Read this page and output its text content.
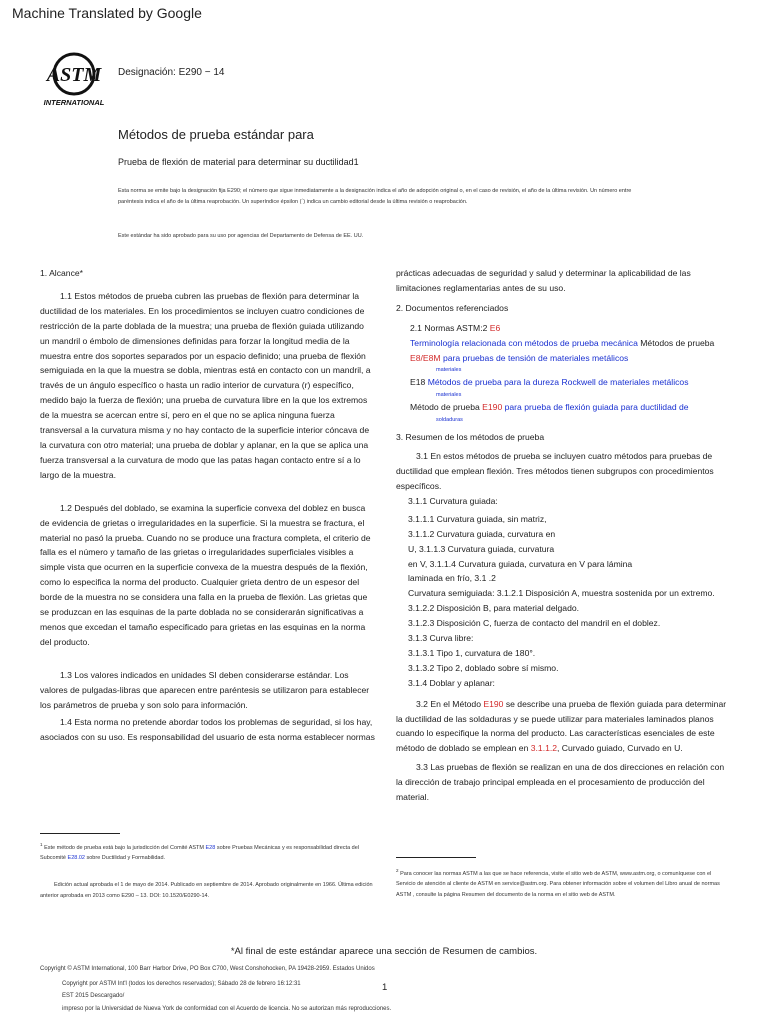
Machine Translated by Google
ASTM
INTERNATIONAL
Designación: E290 − 14
Métodos de prueba estándar para
Prueba de flexión de material para determinar su ductilidad1
Esta norma se emite bajo la designación fija E290; el número que sigue inmediatamente a la designación indica el año de adopción original o, en el caso de revisión, el año de la última revisión. Un número entre paréntesis indica el año de la última reaprobación. Un superíndice épsilon (´) indica un cambio editorial desde la última revisión o reaprobación.
Este estándar ha sido aprobado para su uso por agencias del Departamento de Defensa de EE. UU.

1. Alcance*

1.1 Estos métodos de prueba cubren las pruebas de flexión para determinar la ductilidad de los materiales. En los procedimientos se incluyen cuatro condiciones de restricción de la parte doblada de la muestra; una prueba de flexión guiada utilizando un mandril o émbolo de dimensiones definidas para forzar la longitud media de la muestra entre dos soportes separados por un espacio definido; una prueba de flexión semiguiada en la que la muestra se dobla, mientras está en contacto con un mandril, a través de un ángulo específico o hasta un radio interior de curvatura (r) específico, medido bajo la fuerza de flexión; una prueba de curvatura libre en la que los extremos de la muestra se acercan entre sí, pero en el que no se aplica ninguna fuerza transversal a la curvatura misma y no hay contacto de la superficie interior cóncava de la curvatura con otro material; una prueba de doblar y aplanar, en la que se aplica una fuerza transversal a la curvatura de modo que las patas hagan contacto entre sí a lo largo de la muestra.

1.2 Después del doblado, se examina la superficie convexa del doblez en busca de evidencia de grietas o irregularidades en la superficie. Si la muestra se fractura, el material no pasó la prueba. Cuando no se produce una fractura completa, el criterio de falla es el número y tamaño de las grietas o irregularidades superficiales visibles a simple vista que ocurren en la superficie convexa de la muestra después de la flexión, como lo especifica la norma del producto. Cualquier grieta dentro de un espesor del borde de la muestra no se considera una falla en la prueba de flexión. Las grietas que se produzcan en las esquinas de la parte doblada no se considerarán significativas a menos que excedan el tamaño especificado para grietas en las esquinas en la norma del producto.

1.3 Los valores indicados en unidades SI deben considerarse estándar. Los valores de pulgadas-libras que aparecen entre paréntesis se utilizaron para establecer los parámetros de prueba y son solo para información.

1.4 Esta norma no pretende abordar todos los problemas de seguridad, si los hay, asociados con su uso. Es responsabilidad del usuario de esta norma establecer normas

$^1$ Este método de prueba está bajo la jurisdicción del Comité ASTM E28 sobre Pruebas Mecánicas y es responsabilidad directa del Subcomité E28.02 sobre Ductilidad y Formabilidad.
Edición actual aprobada el 1 de mayo de 2014. Publicado en septiembre de 2014. Aprobado originalmente en 1966. Última edición anterior aprobada en 2013 como E290 – 13. DOI: 10.1520/E0290-14.

prácticas adecuadas de seguridad y salud y determinar la aplicabilidad de las limitaciones reglamentarias antes de su uso.

2. Documentos referenciados

2.1 Normas ASTM:2 E6

Terminología relacionada con métodos de prueba mecánica Métodos de prueba E8/E8M para pruebas de tensión de materiales metálicos
materiales

E18 Métodos de prueba para la dureza Rockwell de materiales metálicos
materiales

Método de prueba E190 para prueba de flexión guiada para ductilidad de
soldaduras

3. Resumen de los métodos de prueba

3.1 En estos métodos de prueba se incluyen cuatro métodos para pruebas de ductilidad que emplean flexión. Tres métodos tienen subgrupos con procedimientos específicos.

3.1.1 Curvatura guiada:

3.1.1.1 Curvatura guiada, sin matriz,

3.1.1.2 Curvatura guiada, curvatura en

U, 3.1.1.3 Curvatura guiada, curvatura

en V, 3.1.1.4 Curvatura guiada, curvatura en V para lámina

laminada en frío, 3.1 .2

Curvatura semiguiada: 3.1.2.1 Disposición A, muestra sostenida por un extremo.

3.1.2.2 Disposición B, para material delgado.

3.1.2.3 Disposición C, fuerza de contacto del mandril en el doblez.

3.1.3 Curva libre:

3.1.3.1 Tipo 1, curvatura de 180°.

3.1.3.2 Tipo 2, doblado sobre sí mismo.

3.1.4 Doblar y aplanar:

3.2 En el Método E190 se describe una prueba de flexión guiada para determinar la ductilidad de las soldaduras y se puede utilizar para materiales laminados planos cuando lo especifique la norma del producto. Las características esenciales de este método de doblado se emplean en 3.1.1.2, Curvado guiado, Curvado en U.

3.3 Las pruebas de flexión se realizan en una de dos direcciones en relación con la dirección de trabajo principal empleada en el procesamiento de producción del material.

$^2$ Para conocer las normas ASTM a las que se hace referencia, visite el sitio web de ASTM, www.astm.org, o comuníquese con el Servicio de atención al cliente de ASTM en service@astm.org. Para obtener información sobre el volumen del Libro anual de normas ASTM , consulte la página Resumen del documento de la norma en el sitio web de ASTM.
*Al final de este estándar aparece una sección de Resumen de cambios.
Copyright © ASTM International, 100 Barr Harbor Drive, PO Box C700, West Conshohocken, PA 19428-2959. Estados Unidos
Copyright por ASTM Int'l (todos los derechos reservados); Sábado 28 de febrero 16:12:31
EST 2015 Descargado/
impreso por la Universidad de Nueva York de conformidad con el Acuerdo de licencia. No se autorizan más reproducciones.
1
